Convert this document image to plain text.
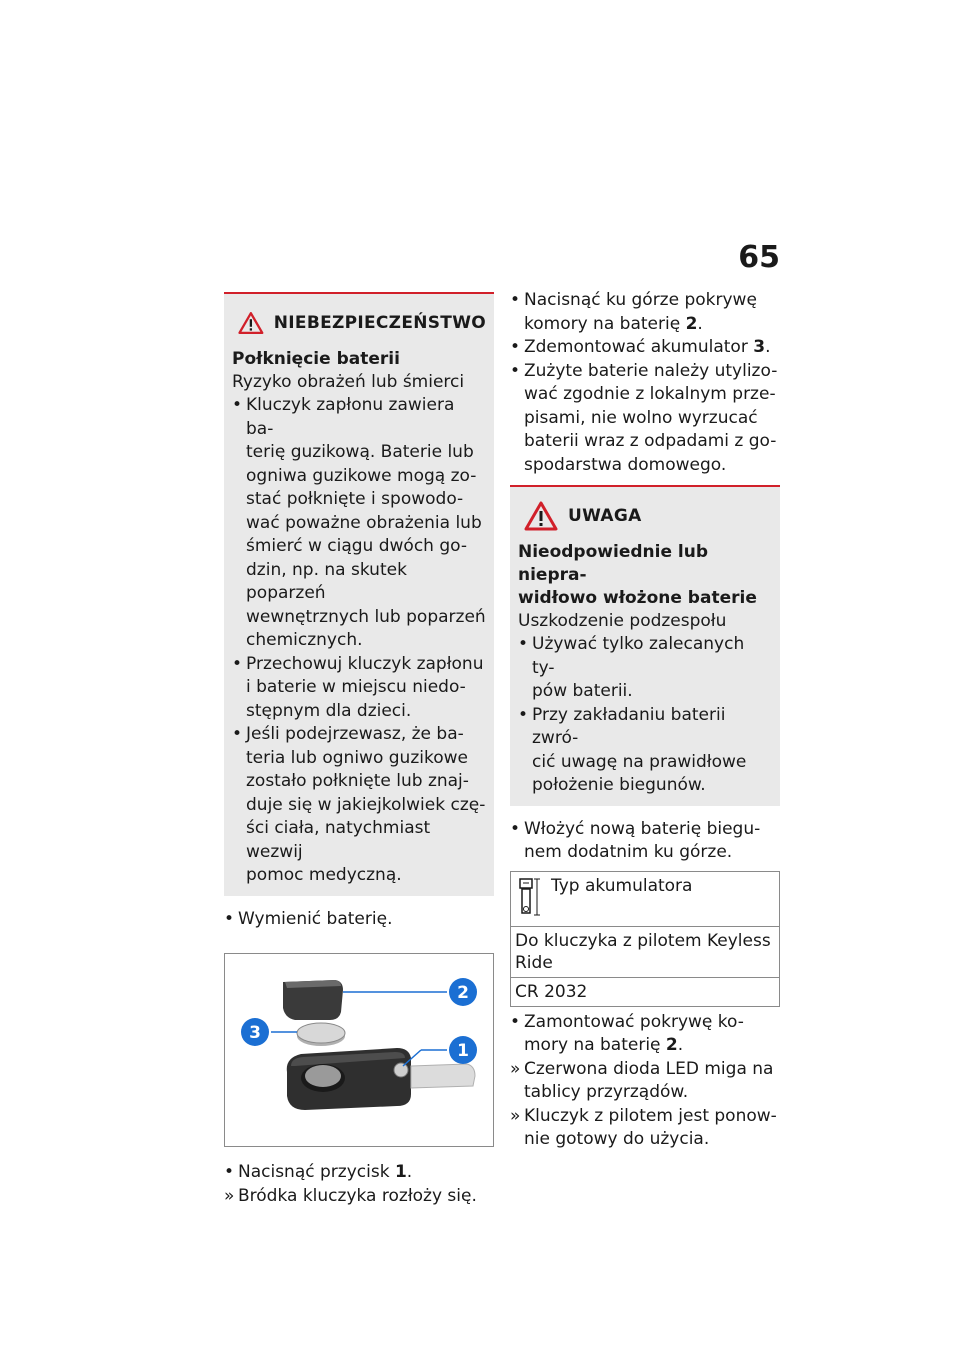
65
NIEBEZPIECZEŃSTWO
Połknięcie baterii
Ryzyko obrażeń lub śmierci
• Kluczyk zapłonu zawiera ba-
terię guzikową. Baterie lub
ogniwa guzikowe mogą zo-
stać połknięte i spowodo-
wać poważne obrażenia lub
śmierć w ciągu dwóch go-
dzin, np. na skutek poparzeń
wewnętrznych lub poparzeń
chemicznych.
• Przechowuj kluczyk zapłonu
i baterie w miejscu niedo-
stępnym dla dzieci.
• Jeśli podejrzewasz, że ba-
teria lub ogniwo guzikowe
zostało połknięte lub znaj-
duje się w jakiejkolwiek czę-
ści ciała, natychmiast wezwij
pomoc medyczną.
• Wymienić baterię.
2
1
3
• Nacisnąć przycisk 1.
» Bródka kluczyka rozłoży się.
• Nacisnąć ku górze pokrywę
komory na baterię 2.
• Zdemontować akumulator 3.
• Zużyte baterie należy utylizo-
wać zgodnie z lokalnym prze-
pisami, nie wolno wyrzucać
baterii wraz z odpadami z go-
spodarstwa domowego.
UWAGA
Nieodpowiednie lub niepra-
widłowo włożone baterie
Uszkodzenie podzespołu
• Używać tylko zalecanych ty-
pów baterii.
• Przy zakładaniu baterii zwró-
cić uwagę na prawidłowe
położenie biegunów.
• Włożyć nową baterię biegu-
nem dodatnim ku górze.
Typ akumulatora

Do kluczyka z pilotem Keyless
Ride
CR 2032
• Zamontować pokrywę ko-
mory na baterię 2.
» Czerwona dioda LED miga na
tablicy przyrządów.
» Kluczyk z pilotem jest ponow-
nie gotowy do użycia.
